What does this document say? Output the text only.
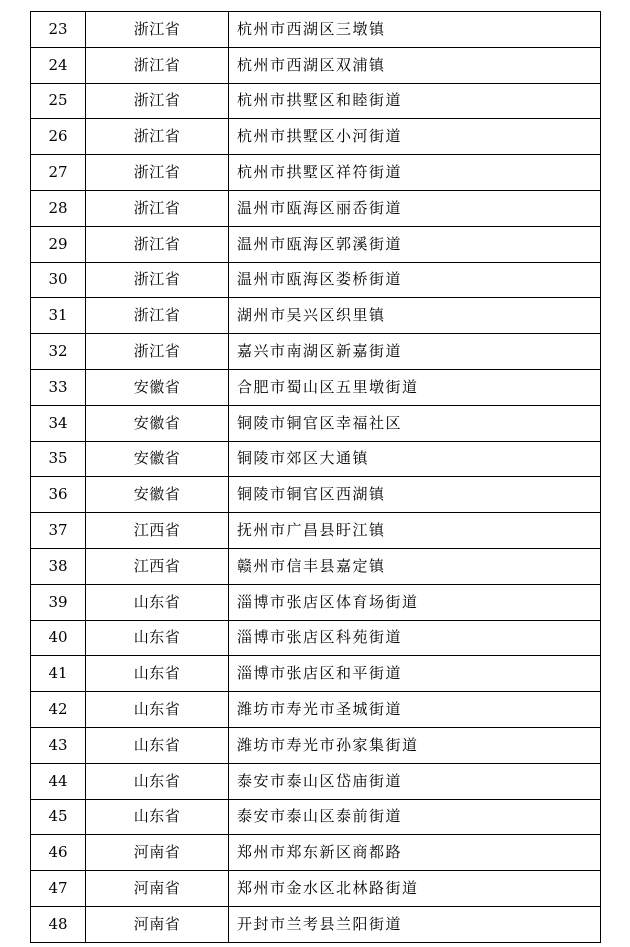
23	浙江省	杭州市西湖区三墩镇
24	浙江省	杭州市西湖区双浦镇
25	浙江省	杭州市拱墅区和睦街道
26	浙江省	杭州市拱墅区小河街道
27	浙江省	杭州市拱墅区祥符街道
28	浙江省	温州市瓯海区丽岙街道
29	浙江省	温州市瓯海区郭溪街道
30	浙江省	温州市瓯海区娄桥街道
31	浙江省	湖州市吴兴区织里镇
32	浙江省	嘉兴市南湖区新嘉街道
33	安徽省	合肥市蜀山区五里墩街道
34	安徽省	铜陵市铜官区幸福社区
35	安徽省	铜陵市郊区大通镇
36	安徽省	铜陵市铜官区西湖镇
37	江西省	抚州市广昌县盱江镇
38	江西省	赣州市信丰县嘉定镇
39	山东省	淄博市张店区体育场街道
40	山东省	淄博市张店区科苑街道
41	山东省	淄博市张店区和平街道
42	山东省	潍坊市寿光市圣城街道
43	山东省	潍坊市寿光市孙家集街道
44	山东省	泰安市泰山区岱庙街道
45	山东省	泰安市泰山区泰前街道
46	河南省	郑州市郑东新区商都路
47	河南省	郑州市金水区北林路街道
48	河南省	开封市兰考县兰阳街道
